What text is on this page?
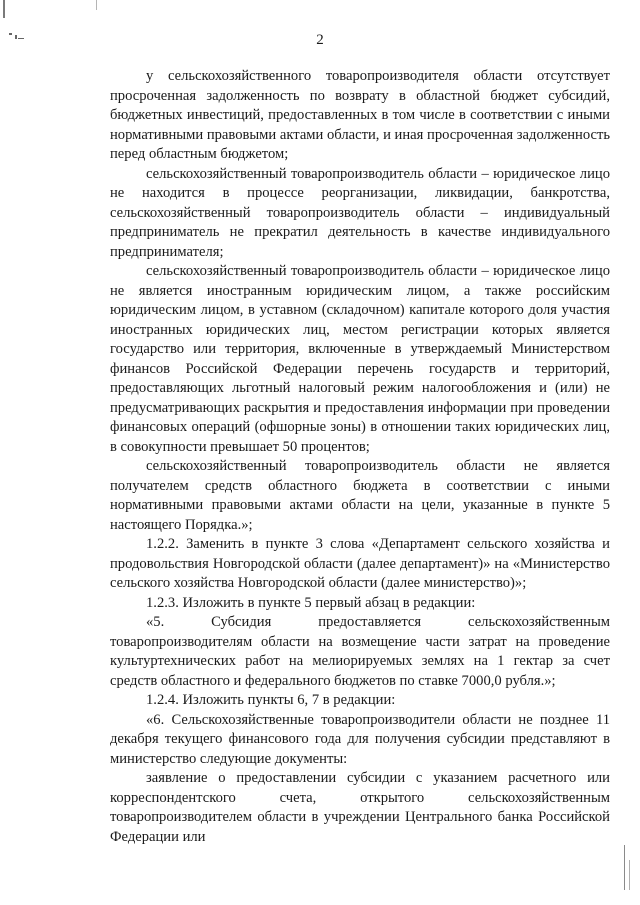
2

у сельскохозяйственного товаропроизводителя области отсутствует просроченная задолженность по возврату в областной бюджет субсидий, бюджетных инвестиций, предоставленных в том числе в соответствии с иными нормативными правовыми актами области, и иная просроченная задолженность перед областным бюджетом;

сельскохозяйственный товаропроизводитель области – юридическое лицо не находится в процессе реорганизации, ликвидации, банкротства, сельскохозяйственный товаропроизводитель области – индивидуальный предприниматель не прекратил деятельность в качестве индивидуального предпринимателя;

сельскохозяйственный товаропроизводитель области – юридическое лицо не является иностранным юридическим лицом, а также российским юридическим лицом, в уставном (складочном) капитале которого доля участия иностранных юридических лиц, местом регистрации которых является государство или территория, включенные в утверждаемый Министерством финансов Российской Федерации перечень государств и территорий, предоставляющих льготный налоговый режим налогообложения и (или) не предусматривающих раскрытия и предоставления информации при проведении финансовых операций (офшорные зоны) в отношении таких юридических лиц, в совокупности превышает 50 процентов;

сельскохозяйственный товаропроизводитель области не является получателем средств областного бюджета в соответствии с иными нормативными правовыми актами области на цели, указанные в пункте 5 настоящего Порядка.»;

1.2.2. Заменить в пункте 3 слова «Департамент сельского хозяйства и продовольствия Новгородской области (далее департамент)» на «Министерство сельского хозяйства Новгородской области (далее министерство)»;

1.2.3. Изложить в пункте 5 первый абзац в редакции:

«5. Субсидия предоставляется сельскохозяйственным товаропроизводителям области на возмещение части затрат на проведение культуртехнических работ на мелиорируемых землях на 1 гектар за счет средств областного и федерального бюджетов по ставке 7000,0 рубля.»;

1.2.4. Изложить пункты 6, 7 в редакции:

«6. Сельскохозяйственные товаропроизводители области не позднее 11 декабря текущего финансового года для получения субсидии представляют в министерство следующие документы:

заявление о предоставлении субсидии с указанием расчетного или корреспондентского счета, открытого сельскохозяйственным товаропроизводителем области в учреждении Центрального банка Российской Федерации или
